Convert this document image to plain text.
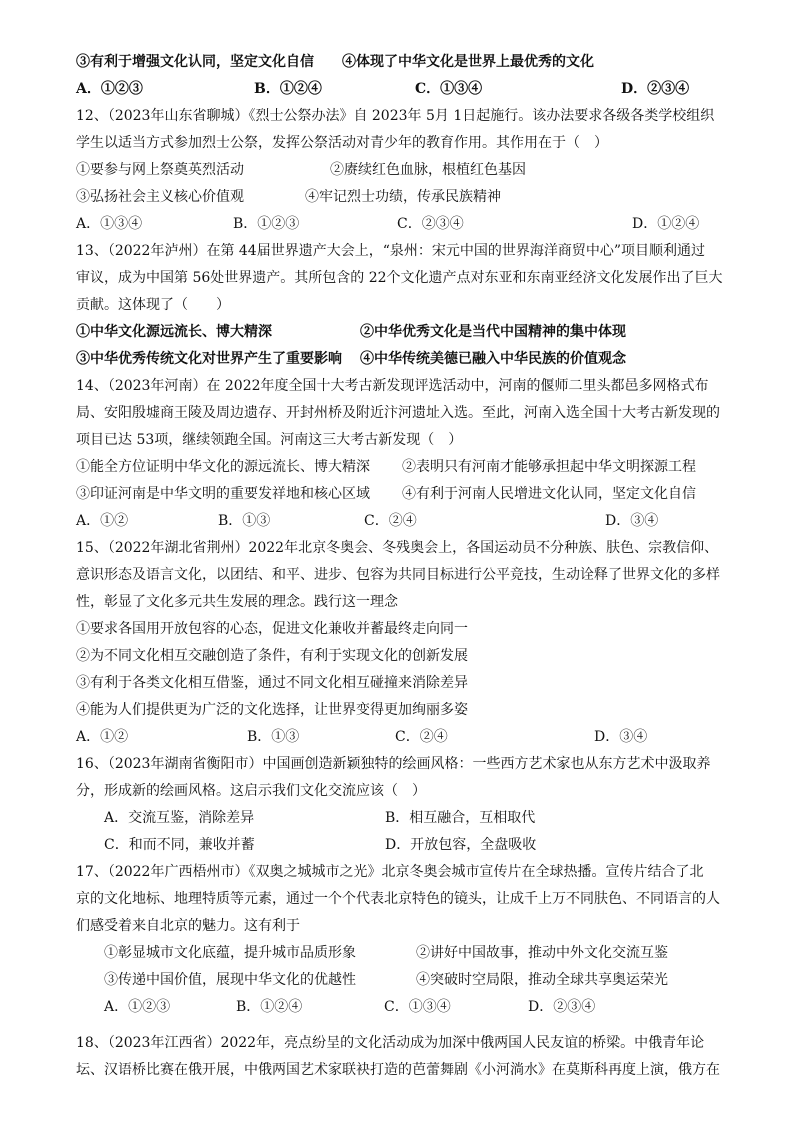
③有利于增强文化认同，坚定文化自信　　④体现了中华文化是世界上最优秀的文化
A．①②③	B．①②④	C．①③④	D．②③④
12、（2023年山东省聊城）《烈士公祭办法》自 2023年 5月 1日起施行。该办法要求各级各类学校组织
学生以适当方式参加烈士公祭，发挥公祭活动对青少年的教育作用。其作用在于（　）
①要参与网上祭奠英烈活动	②赓续红色血脉，根植红色基因
③弘扬社会主义核心价值观	④牢记烈士功绩，传承民族精神
A．①③④	B．①②③	C．②③④	D．①②④
13、（2022年泸州）在第 44届世界遗产大会上，“泉州：宋元中国的世界海洋商贸中心”项目顺利通过
审议，成为中国第 56处世界遗产。其所包含的 22个文化遗产点对东亚和东南亚经济文化发展作出了巨大
贡献。这体现了（　　）
①中华文化源远流长、博大精深	②中华优秀文化是当代中国精神的集中体现
③中华优秀传统文化对世界产生了重要影响 ④中华传统美德已融入中华民族的价值观念
14、（2023年河南）在 2022年度全国十大考古新发现评选活动中，河南的偃师二里头都邑多网格式布
局、安阳殷墟商王陵及周边遗存、开封州桥及附近汴河遗址入选。至此，河南入选全国十大考古新发现的
项目已达 53项，继续领跑全国。河南这三大考古新发现（　）
①能全方位证明中华文化的源远流长、博大精深 ②表明只有河南才能够承担起中华文明探源工程
③印证河南是中华文明的重要发祥地和核心区域 ④有利于河南人民增进文化认同，坚定文化自信
A．①②	B．①③	C．②④	D．③④
15、（2022年湖北省荆州）2022年北京冬奥会、冬残奥会上，各国运动员不分种族、肤色、宗教信仰、
意识形态及语言文化，以团结、和平、进步、包容为共同目标进行公平竞技，生动诠释了世界文化的多样
性，彰显了文化多元共生发展的理念。践行这一理念
①要求各国用开放包容的心态，促进文化兼收并蓄最终走向同一
②为不同文化相互交融创造了条件，有利于实现文化的创新发展
③有利于各类文化相互借鉴，通过不同文化相互碰撞来消除差异
④能为人们提供更为广泛的文化选择，让世界变得更加绚丽多姿
A．①②	B．①③	C．②④	D．③④
16、（2023年湖南省衡阳市）中国画创造新颖独特的绘画风格：一些西方艺术家也从东方艺术中汲取养
分，形成新的绘画风格。这启示我们文化交流应该（　）
A．交流互鉴，消除差异	B．相互融合，互相取代
C．和而不同，兼收并蓄	D．开放包容，全盘吸收
17、（2022年广西梧州市）《双奥之城城市之光》北京冬奥会城市宣传片在全球热播。宣传片结合了北
京的文化地标、地理特质等元素，通过一个个代表北京特色的镜头，让成千上万不同肤色、不同语言的人
们感受着来自北京的魅力。这有利于
①彰显城市文化底蕴，提升城市品质形象	②讲好中国故事，推动中外文化交流互鉴
③传递中国价值，展现中华文化的优越性	④突破时空局限，推动全球共享奥运荣光
A．①②③	B．①②④	C．①③④	D．②③④
18、（2023年江西省）2022年，亮点纷呈的文化活动成为加深中俄两国人民友谊的桥梁。中俄青年论
坛、汉语桥比赛在俄开展，中俄两国艺术家联袂打造的芭蕾舞剧《小河淌水》在莫斯科再度上演，俄方在
